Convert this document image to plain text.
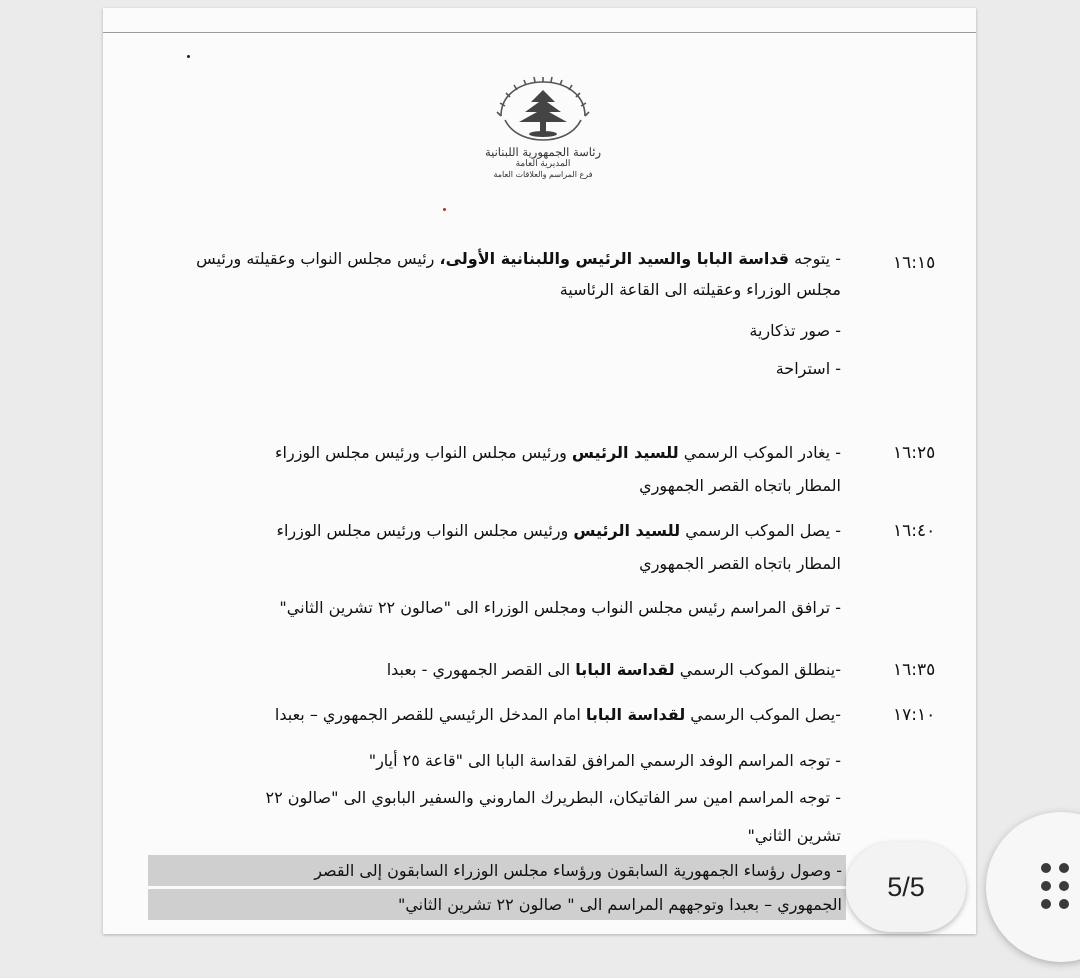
رئاسة الجمهورية اللبنانية
المديرية العامة
فرع المراسم والعلاقات العامة
١٦:١٥
- يتوجه قداسة البابا والسيد الرئيس واللبنانية الأولى، رئيس مجلس النواب وعقيلته ورئيس
مجلس الوزراء وعقيلته الى القاعة الرئاسية
- صور تذكارية
- استراحة
١٦:٢٥
- يغادر الموكب الرسمي للسيد الرئيس ورئيس مجلس النواب ورئيس مجلس الوزراء
المطار باتجاه القصر الجمهوري
١٦:٤٠
- يصل الموكب الرسمي للسيد الرئيس ورئيس مجلس النواب ورئيس مجلس الوزراء
المطار باتجاه القصر الجمهوري
- ترافق المراسم رئيس مجلس النواب ومجلس الوزراء الى "صالون ٢٢ تشرين الثاني"
١٦:٣٥
-ينطلق الموكب الرسمي لقداسة البابا الى القصر الجمهوري - بعبدا
١٧:١٠
-يصل الموكب الرسمي لقداسة البابا امام المدخل الرئيسي للقصر الجمهوري – بعبدا
- توجه المراسم الوفد الرسمي المرافق لقداسة البابا الى "قاعة ٢٥ أيار"
- توجه المراسم امين سر الفاتيكان، البطريرك الماروني والسفير البابوي الى "صالون ٢٢
تشرين الثاني"
- وصول رؤساء الجمهورية السابقون ورؤساء مجلس الوزراء السابقون إلى القصر
الجمهوري – بعبدا وتوجههم المراسم الى " صالون ٢٢ تشرين الثاني"
5/5
